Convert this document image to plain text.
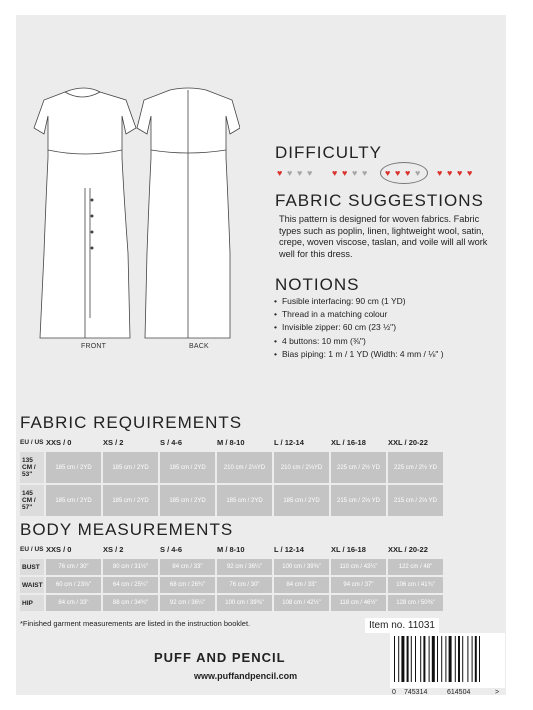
FRONT	BACK
DIFFICULTY
♥ ♥ ♥ ♥ ♥ ♥ ♥ ♥ ♥ ♥ ♥ ♥ ♥ ♥ ♥ ♥
FABRIC SUGGESTIONS
This pattern is designed for woven fabrics. Fabric types such as poplin, linen, lightweight wool, satin, crepe, woven viscose, taslan, and voile will all work well for this dress.
NOTIONS
• Fusible interfacing: 90 cm (1 YD)
• Thread in a matching colour
• Invisible zipper: 60 cm (23 ½")
• 4 buttons: 10 mm (⅜")
• Bias piping: 1 m / 1 YD (Width: 4 mm / ⅛" )
FABRIC REQUIREMENTS
EU / US	XXS / 0	XS / 2	S / 4-6	M / 8-10	L / 12-14	XL / 16-18	XXL / 20-22
135 CM / 53"	185 cm / 2YD	185 cm / 2YD	185 cm / 2YD	210 cm / 2⅓YD	210 cm / 2⅓YD	225 cm / 2½ YD	225 cm / 2½ YD
145 CM / 57"	185 cm / 2YD	185 cm / 2YD	185 cm / 2YD	185 cm / 2YD	185 cm / 2YD	215 cm / 2⅓ YD	215 cm / 2⅓ YD
BODY MEASUREMENTS
EU / US	XXS / 0	XS / 2	S / 4-6	M / 8-10	L / 12-14	XL / 16-18	XXL / 20-22
BUST	76 cm / 30"	80 cm / 31½"	84 cm / 33"	92 cm / 36¼"	100 cm / 39⅜"	110 cm / 43¼"	122 cm / 48"
WAIST	60 cm / 23⅝"	64 cm / 25¼"	68 cm / 26¾"	76 cm / 30"	84 cm / 33"	94 cm / 37"	106 cm / 41¾"
HIP	84 cm / 33"	88 cm / 34¾"	92 cm / 36¼"	100 cm / 39⅜"	108 cm / 42½"	118 cm / 46½"	128 cm / 50⅜"
*Finished garment measurements are listed in the instruction booklet.	Item no. 11031
PUFF AND PENCIL
www.puffandpencil.com
0 745314	614504	>
